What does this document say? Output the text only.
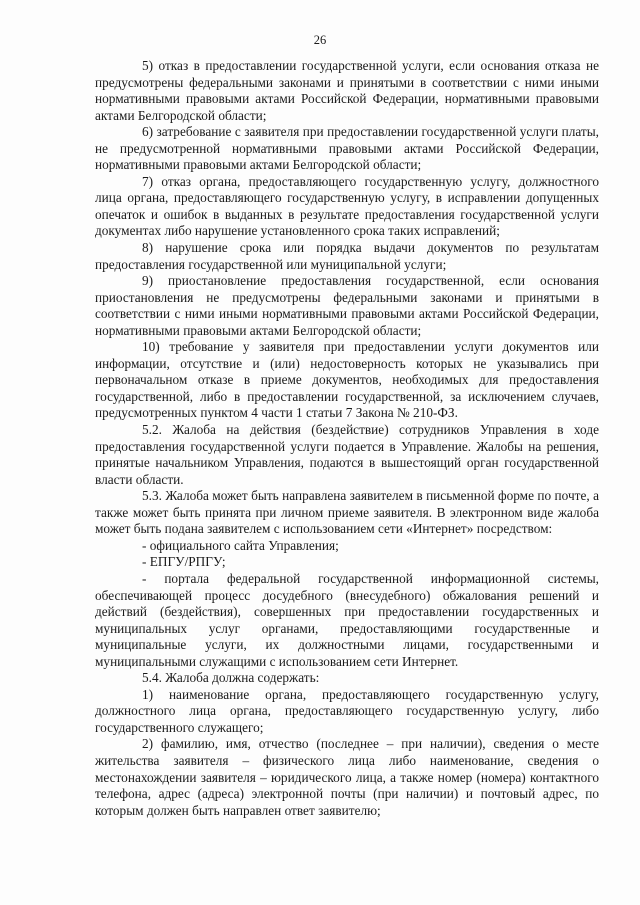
26

5) отказ в предоставлении государственной услуги, если основания отказа не предусмотрены федеральными законами и принятыми в соответствии с ними иными нормативными правовыми актами Российской Федерации, нормативными правовыми актами Белгородской области;

6) затребование с заявителя при предоставлении государственной услуги платы, не предусмотренной нормативными правовыми актами Российской Федерации, нормативными правовыми актами Белгородской области;

7) отказ органа, предоставляющего государственную услугу, должностного лица органа, предоставляющего государственную услугу, в исправлении допущенных опечаток и ошибок в выданных в результате предоставления государственной услуги документах либо нарушение установленного срока таких исправлений;

8) нарушение срока или порядка выдачи документов по результатам предоставления государственной или муниципальной услуги;

9) приостановление предоставления государственной, если основания приостановления не предусмотрены федеральными законами и принятыми в соответствии с ними иными нормативными правовыми актами Российской Федерации, нормативными правовыми актами Белгородской области;

10) требование у заявителя при предоставлении услуги документов или информации, отсутствие и (или) недостоверность которых не указывались при первоначальном отказе в приеме документов, необходимых для предоставления государственной, либо в предоставлении государственной, за исключением случаев, предусмотренных пунктом 4 части 1 статьи 7 Закона № 210-ФЗ.

5.2. Жалоба на действия (бездействие) сотрудников Управления в ходе предоставления государственной услуги подается в Управление. Жалобы на решения, принятые начальником Управления, подаются в вышестоящий орган государственной власти области.

5.3. Жалоба может быть направлена заявителем в письменной форме по почте, а также может быть принята при личном приеме заявителя. В электронном виде жалоба может быть подана заявителем с использованием сети «Интернет» посредством:

- официального сайта Управления;

- ЕПГУ/РПГУ;

- портала федеральной государственной информационной системы, обеспечивающей процесс досудебного (внесудебного) обжалования решений и действий (бездействия), совершенных при предоставлении государственных и муниципальных услуг органами, предоставляющими государственные и муниципальные услуги, их должностными лицами, государственными и муниципальными служащими с использованием сети Интернет.

5.4. Жалоба должна содержать:

1) наименование органа, предоставляющего государственную услугу, должностного лица органа, предоставляющего государственную услугу, либо государственного служащего;

2) фамилию, имя, отчество (последнее – при наличии), сведения о месте жительства заявителя – физического лица либо наименование, сведения о местонахождении заявителя – юридического лица, а также номер (номера) контактного телефона, адрес (адреса) электронной почты (при наличии) и почтовый адрес, по которым должен быть направлен ответ заявителю;
